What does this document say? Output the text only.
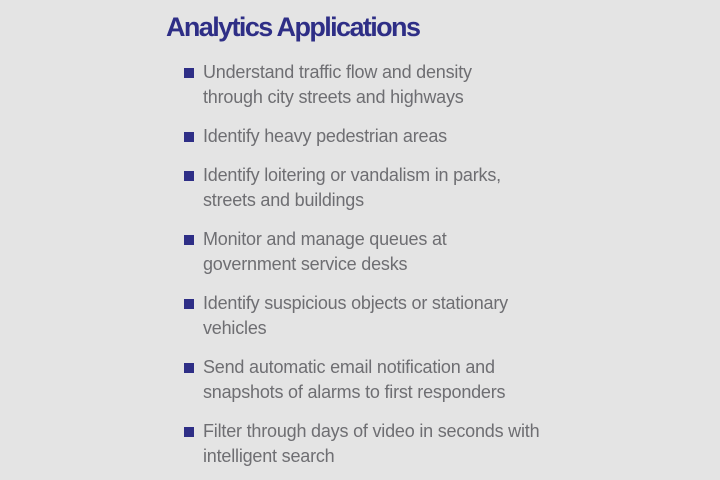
Analytics Applications
Understand traffic flow and density
through city streets and highways
Identify heavy pedestrian areas
Identify loitering or vandalism in parks,
streets and buildings
Monitor and manage queues at
government service desks
Identify suspicious objects or stationary
vehicles
Send automatic email notification and
snapshots of alarms to first responders
Filter through days of video in seconds with
intelligent search
